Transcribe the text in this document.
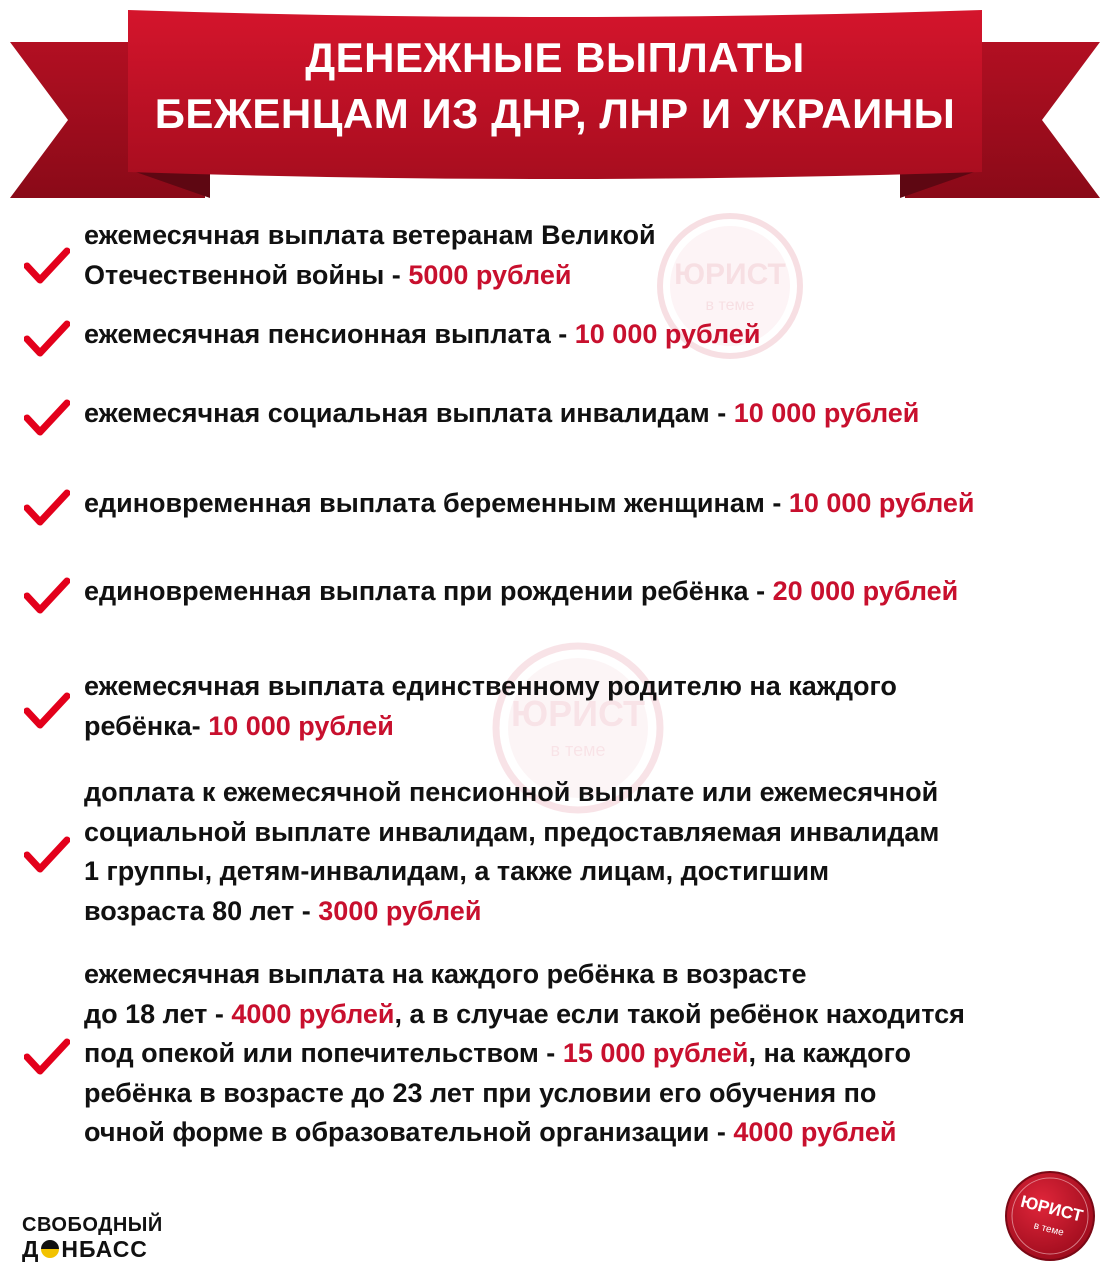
ДЕНЕЖНЫЕ ВЫПЛАТЫ
БЕЖЕНЦАМ ИЗ ДНР, ЛНР И УКРАИНЫ
ЮРИСТ
в теме
ЮРИСТ
в теме
ежемесячная выплата ветеранам Великой
Отечественной войны - 5000 рублей
ежемесячная пенсионная выплата - 10 000 рублей
ежемесячная социальная выплата инвалидам - 10 000 рублей
единовременная выплата беременным женщинам - 10 000 рублей
единовременная выплата при рождении ребёнка - 20 000 рублей
ежемесячная выплата единственному родителю на каждого
ребёнка- 10 000 рублей
доплата к ежемесячной пенсионной выплате или ежемесячной
социальной выплате инвалидам, предоставляемая инвалидам
1 группы, детям-инвалидам, а также лицам, достигшим
возраста 80 лет - 3000 рублей
ежемесячная выплата на каждого ребёнка в возрасте
до 18 лет - 4000 рублей, а в случае если такой ребёнок находится
под опекой или попечительством - 15 000 рублей, на каждого
ребёнка в возрасте до 23 лет при условии его обучения по
очной форме в образовательной организации - 4000 рублей
СВОБОДНЫЙ
Д НБАСС
ЮРИСТ
в теме
